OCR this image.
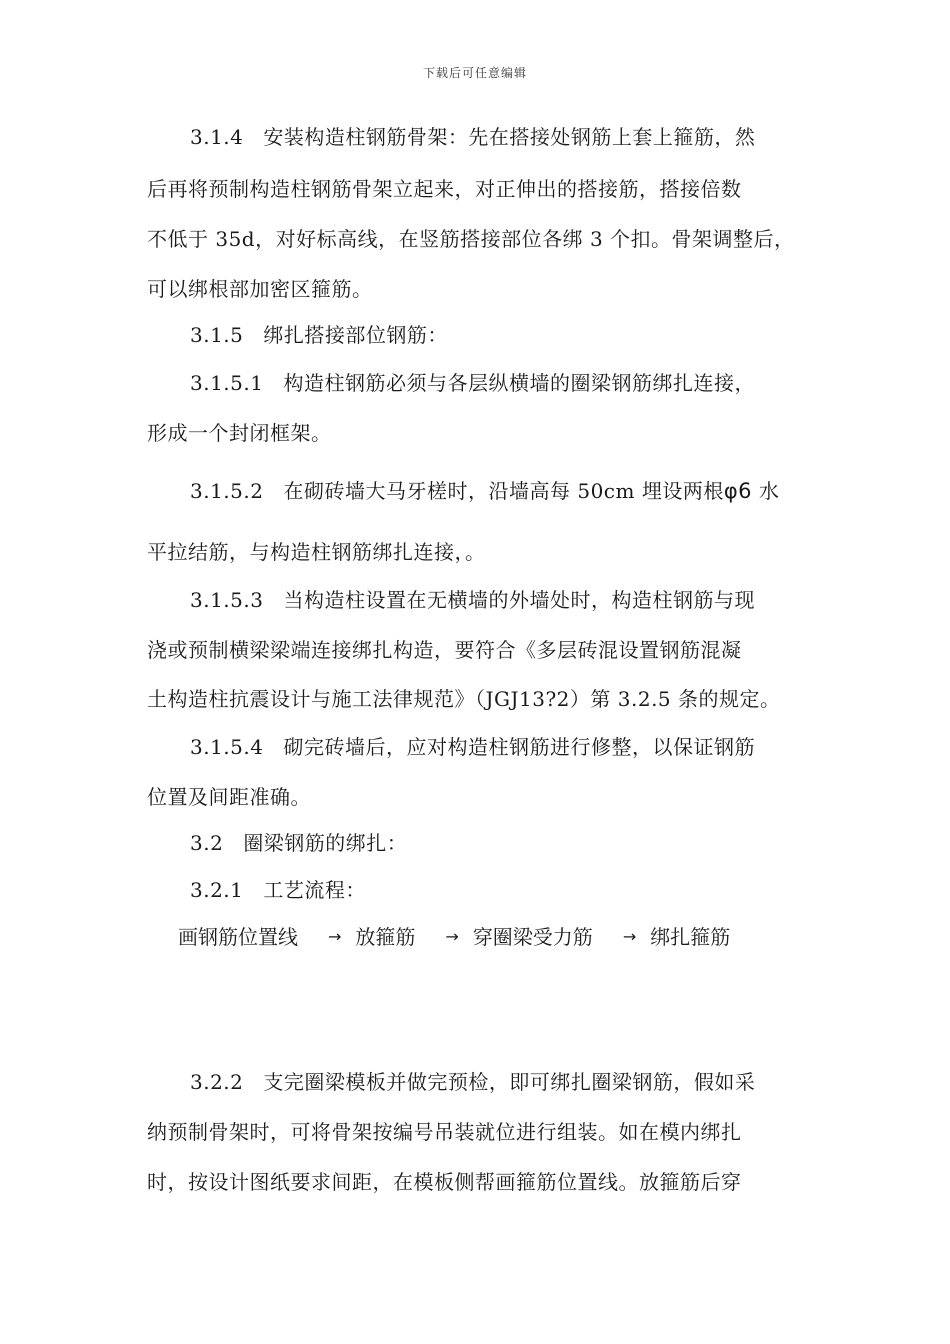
下载后可任意编辑
3.1.4 安装构造柱钢筋骨架：先在搭接处钢筋上套上箍筋，然
后再将预制构造柱钢筋骨架立起来，对正伸出的搭接筋，搭接倍数
不低于 35d，对好标高线，在竖筋搭接部位各绑 3 个扣。骨架调整后，
可以绑根部加密区箍筋。
3.1.5 绑扎搭接部位钢筋：
3.1.5.1 构造柱钢筋必须与各层纵横墙的圈梁钢筋绑扎连接，
形成一个封闭框架。
3.1.5.2 在砌砖墙大马牙槎时，沿墙高每 50cm 埋设两根φ6 水
平拉结筋，与构造柱钢筋绑扎连接，。
3.1.5.3 当构造柱设置在无横墙的外墙处时，构造柱钢筋与现
浇或预制横梁梁端连接绑扎构造，要符合《多层砖混设置钢筋混凝
土构造柱抗震设计与施工法律规范》（JGJ13?2）第 3.2.5 条的规定。
3.1.5.4 砌完砖墙后，应对构造柱钢筋进行修整，以保证钢筋
位置及间距准确。
3.2 圈梁钢筋的绑扎：
3.2.1 工艺流程：
画钢筋位置线 → 放箍筋 → 穿圈梁受力筋 → 绑扎箍筋
3.2.2 支完圈梁模板并做完预检，即可绑扎圈梁钢筋，假如采
纳预制骨架时，可将骨架按编号吊装就位进行组装。如在模内绑扎
时，按设计图纸要求间距，在模板侧帮画箍筋位置线。放箍筋后穿
